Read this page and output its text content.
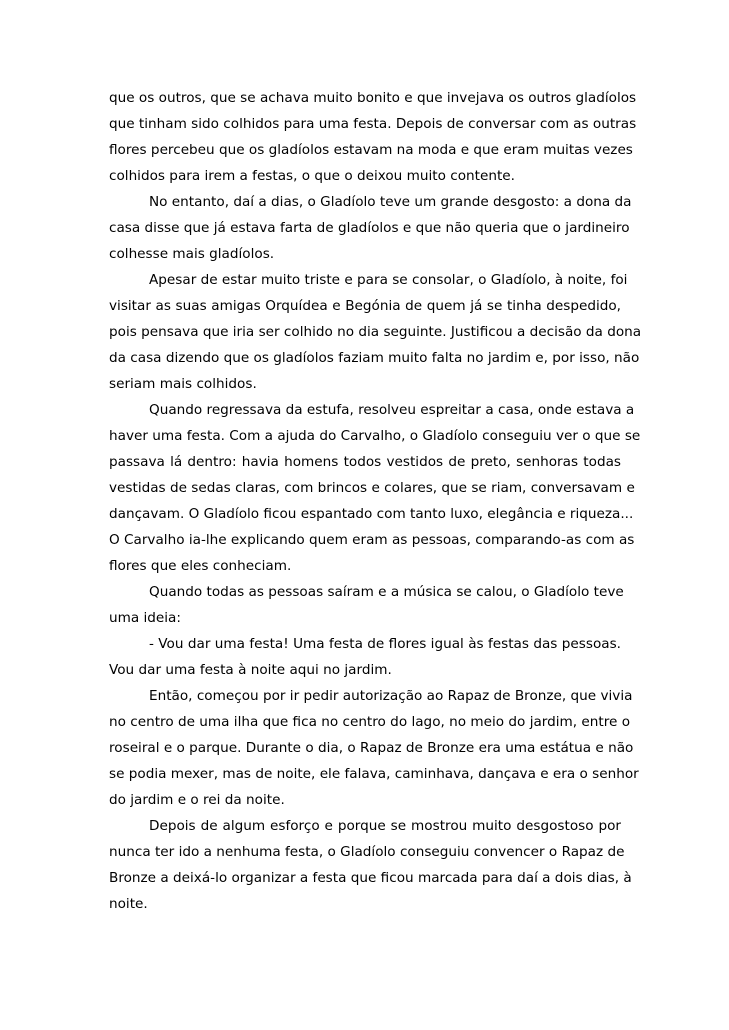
que os outros, que se achava muito bonito e que invejava os outros gladíolos
que tinham sido colhidos para uma festa. Depois de conversar com as outras
flores percebeu que os gladíolos estavam na moda e que eram muitas vezes
colhidos para irem a festas, o que o deixou muito contente.
No entanto, daí a dias, o Gladíolo teve um grande desgosto: a dona da
casa disse que já estava farta de gladíolos e que não queria que o jardineiro
colhesse mais gladíolos.
Apesar de estar muito triste e para se consolar, o Gladíolo, à noite, foi
visitar as suas amigas Orquídea e Begónia de quem já se tinha despedido,
pois pensava que iria ser colhido no dia seguinte. Justificou a decisão da dona
da casa dizendo que os gladíolos faziam muito falta no jardim e, por isso, não
seriam mais colhidos.
Quando regressava da estufa, resolveu espreitar a casa, onde estava a
haver uma festa. Com a ajuda do Carvalho, o Gladíolo conseguiu ver o que se
passava lá dentro: havia homens todos vestidos de preto, senhoras todas
vestidas de sedas claras, com brincos e colares, que se riam, conversavam e
dançavam. O Gladíolo ficou espantado com tanto luxo, elegância e riqueza...
O Carvalho ia-lhe explicando quem eram as pessoas, comparando-as com as
flores que eles conheciam.
Quando todas as pessoas saíram e a música se calou, o Gladíolo teve
uma ideia:
- Vou dar uma festa! Uma festa de flores igual às festas das pessoas.
Vou dar uma festa à noite aqui no jardim.
Então, começou por ir pedir autorização ao Rapaz de Bronze, que vivia
no centro de uma ilha que fica no centro do lago, no meio do jardim, entre o
roseiral e o parque. Durante o dia, o Rapaz de Bronze era uma estátua e não
se podia mexer, mas de noite, ele falava, caminhava, dançava e era o senhor
do jardim e o rei da noite.
Depois de algum esforço e porque se mostrou muito desgostoso por
nunca ter ido a nenhuma festa, o Gladíolo conseguiu convencer o Rapaz de
Bronze a deixá-lo organizar a festa que ficou marcada para daí a dois dias, à
noite.
